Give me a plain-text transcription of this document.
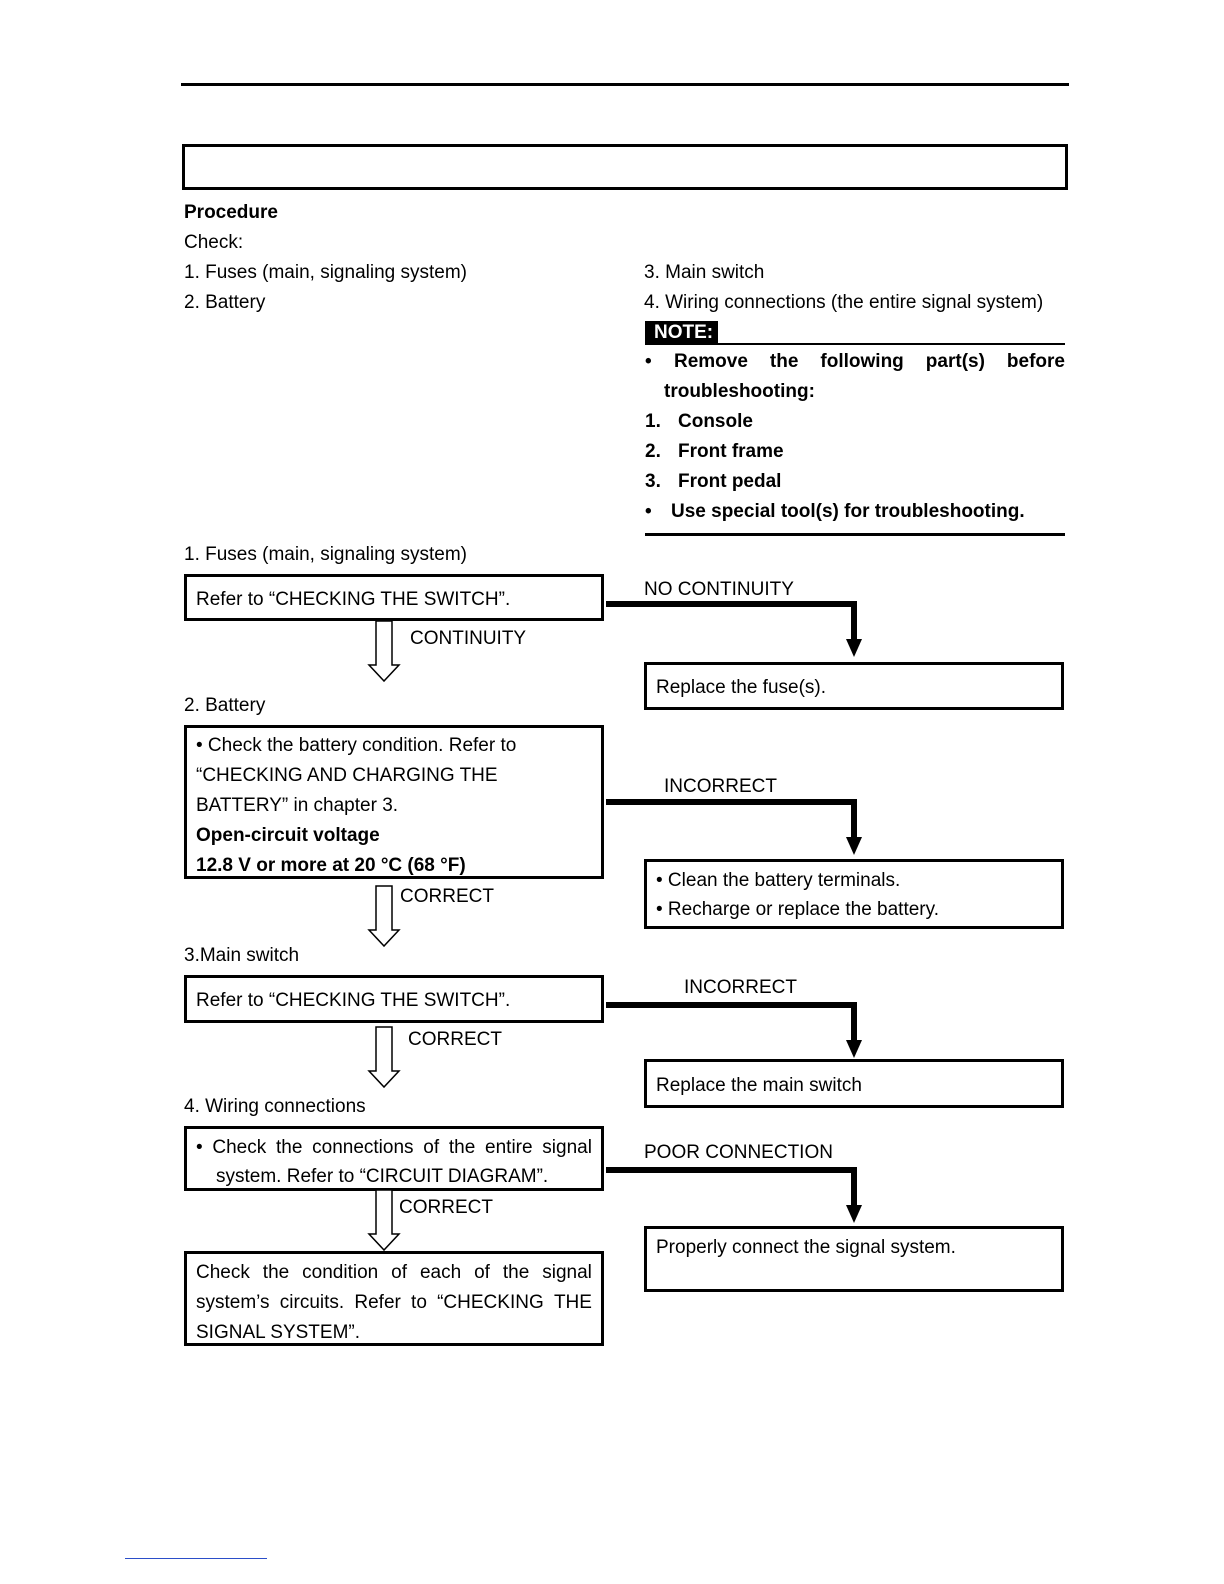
Procedure
Check:
1. Fuses (main, signaling system)
2. Battery
3. Main switch
4. Wiring connections (the entire signal system)
NOTE:
• Remove the following part(s) before
troubleshooting:
1. Console
2. Front frame
3. Front pedal
• Use special tool(s) for troubleshooting.
1. Fuses (main, signaling system)
Refer to “CHECKING THE SWITCH”.
CONTINUITY
NO CONTINUITY
Replace the fuse(s).
2. Battery
• Check the battery condition. Refer to
“CHECKING AND CHARGING THE
BATTERY” in chapter 3.
Open-circuit voltage
12.8 V or more at 20 °C (68 °F)
CORRECT
INCORRECT
• Clean the battery terminals.
• Recharge or replace the battery.
3.Main switch
Refer to “CHECKING THE SWITCH”.
CORRECT
INCORRECT
Replace the main switch
4. Wiring connections
• Check the connections of the entire signal
system. Refer to “CIRCUIT DIAGRAM”.
CORRECT
POOR CONNECTION
Properly connect the signal system.
Check the condition of each of the signal
system’s circuits. Refer to “CHECKING THE
SIGNAL SYSTEM”.
